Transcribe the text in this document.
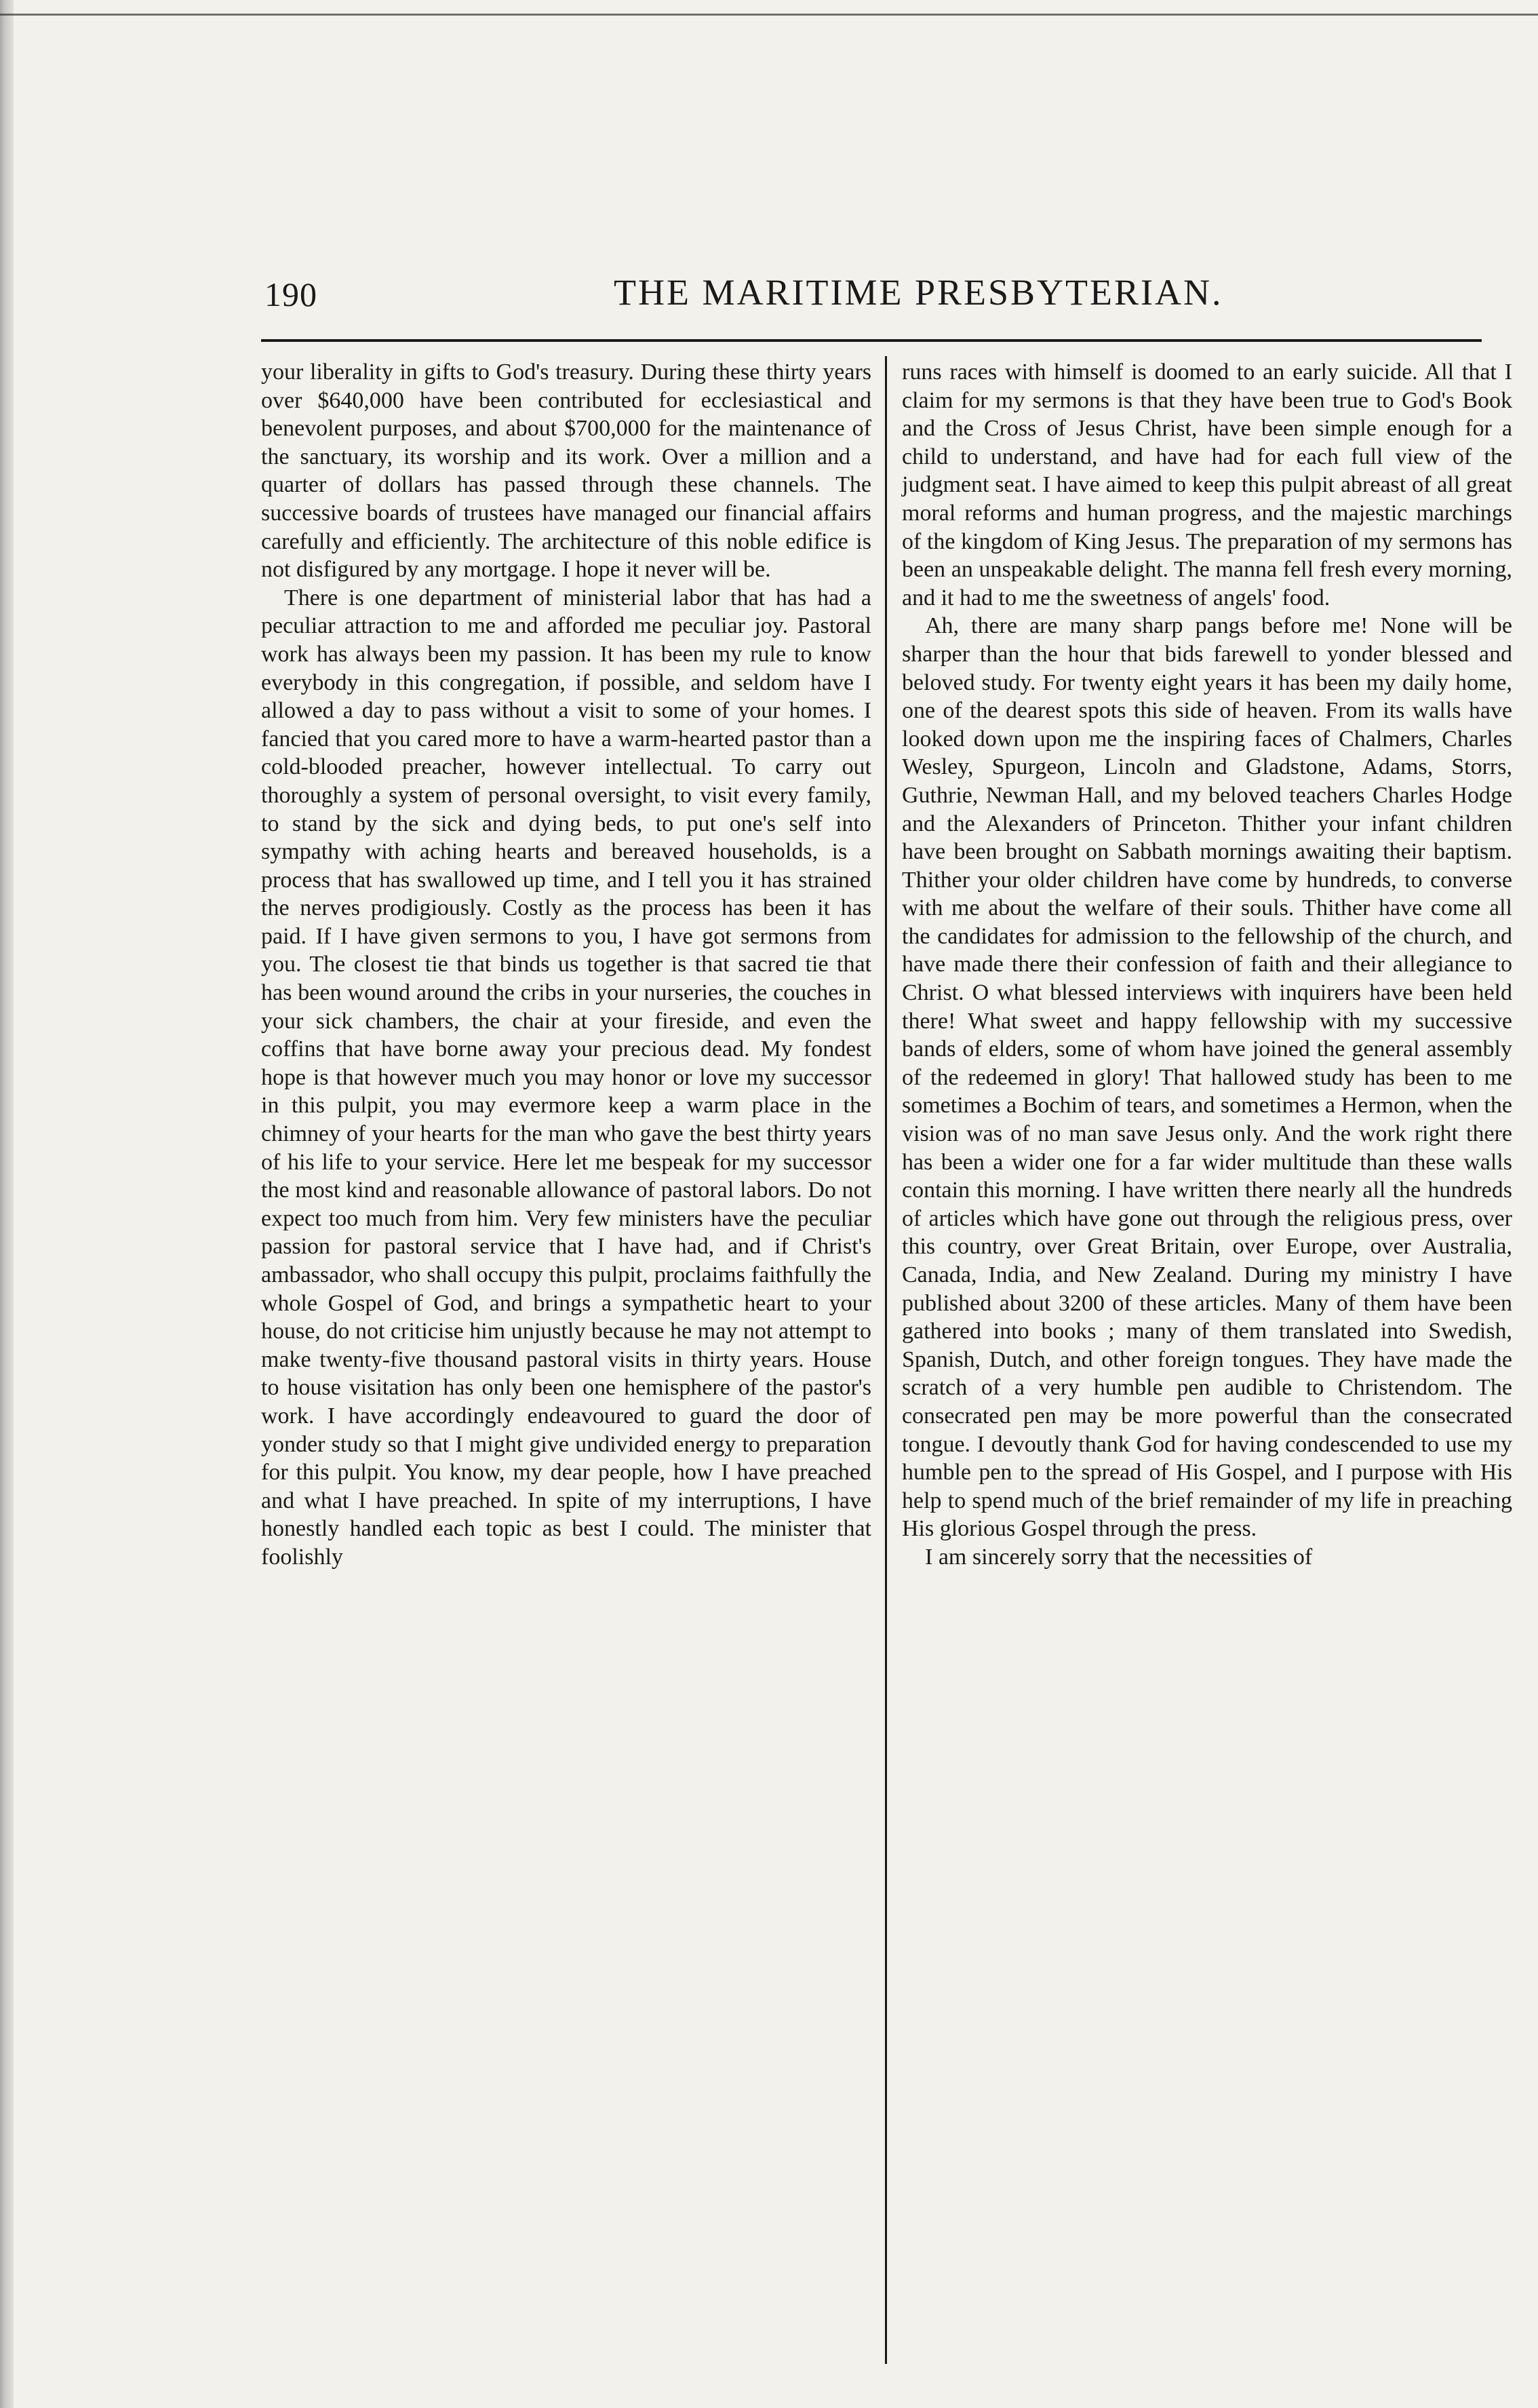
190	THE MARITIME PRESBYTERIAN.

your liberality in gifts to God's treasury. During these thirty years over $640,000 have been contributed for ecclesiastical and benevolent purposes, and about $700,000 for the maintenance of the sanctuary, its worship and its work. Over a million and a quarter of dollars has passed through these channels. The successive boards of trustees have managed our financial affairs carefully and efficiently. The architecture of this noble edifice is not disfigured by any mortgage. I hope it never will be.

There is one department of ministerial labor that has had a peculiar attraction to me and afforded me peculiar joy. Pastoral work has always been my passion. It has been my rule to know everybody in this congregation, if possible, and seldom have I allowed a day to pass without a visit to some of your homes. I fancied that you cared more to have a warm-hearted pastor than a cold-blooded preacher, however intellectual. To carry out thoroughly a system of personal oversight, to visit every family, to stand by the sick and dying beds, to put one's self into sympathy with aching hearts and bereaved households, is a process that has swallowed up time, and I tell you it has strained the nerves prodigiously. Costly as the process has been it has paid. If I have given sermons to you, I have got sermons from you. The closest tie that binds us together is that sacred tie that has been wound around the cribs in your nurseries, the couches in your sick chambers, the chair at your fireside, and even the coffins that have borne away your precious dead. My fondest hope is that however much you may honor or love my successor in this pulpit, you may evermore keep a warm place in the chimney of your hearts for the man who gave the best thirty years of his life to your service. Here let me bespeak for my successor the most kind and reasonable allowance of pastoral labors. Do not expect too much from him. Very few ministers have the peculiar passion for pastoral service that I have had, and if Christ's ambassador, who shall occupy this pulpit, proclaims faithfully the whole Gospel of God, and brings a sympathetic heart to your house, do not criticise him unjustly because he may not attempt to make twenty-five thousand pastoral visits in thirty years. House to house visitation has only been one hemisphere of the pastor's work. I have accordingly endeavoured to guard the door of yonder study so that I might give undivided energy to preparation for this pulpit. You know, my dear people, how I have preached and what I have preached. In spite of my interruptions, I have honestly handled each topic as best I could. The minister that foolishly

runs races with himself is doomed to an early suicide. All that I claim for my sermons is that they have been true to God's Book and the Cross of Jesus Christ, have been simple enough for a child to understand, and have had for each full view of the judgment seat. I have aimed to keep this pulpit abreast of all great moral reforms and human progress, and the majestic marchings of the kingdom of King Jesus. The preparation of my sermons has been an unspeakable delight. The manna fell fresh every morning, and it had to me the sweetness of angels' food.

Ah, there are many sharp pangs before me! None will be sharper than the hour that bids farewell to yonder blessed and beloved study. For twenty eight years it has been my daily home, one of the dearest spots this side of heaven. From its walls have looked down upon me the inspiring faces of Chalmers, Charles Wesley, Spurgeon, Lincoln and Gladstone, Adams, Storrs, Guthrie, Newman Hall, and my beloved teachers Charles Hodge and the Alexanders of Princeton. Thither your infant children have been brought on Sabbath mornings awaiting their baptism. Thither your older children have come by hundreds, to converse with me about the welfare of their souls. Thither have come all the candidates for admission to the fellowship of the church, and have made there their confession of faith and their allegiance to Christ. O what blessed interviews with inquirers have been held there! What sweet and happy fellowship with my successive bands of elders, some of whom have joined the general assembly of the redeemed in glory! That hallowed study has been to me sometimes a Bochim of tears, and sometimes a Hermon, when the vision was of no man save Jesus only. And the work right there has been a wider one for a far wider multitude than these walls contain this morning. I have written there nearly all the hundreds of articles which have gone out through the religious press, over this country, over Great Britain, over Europe, over Australia, Canada, India, and New Zealand. During my ministry I have published about 3200 of these articles. Many of them have been gathered into books ; many of them translated into Swedish, Spanish, Dutch, and other foreign tongues. They have made the scratch of a very humble pen audible to Christendom. The consecrated pen may be more powerful than the consecrated tongue. I devoutly thank God for having condescended to use my humble pen to the spread of His Gospel, and I purpose with His help to spend much of the brief remainder of my life in preaching His glorious Gospel through the press.

I am sincerely sorry that the necessities of
